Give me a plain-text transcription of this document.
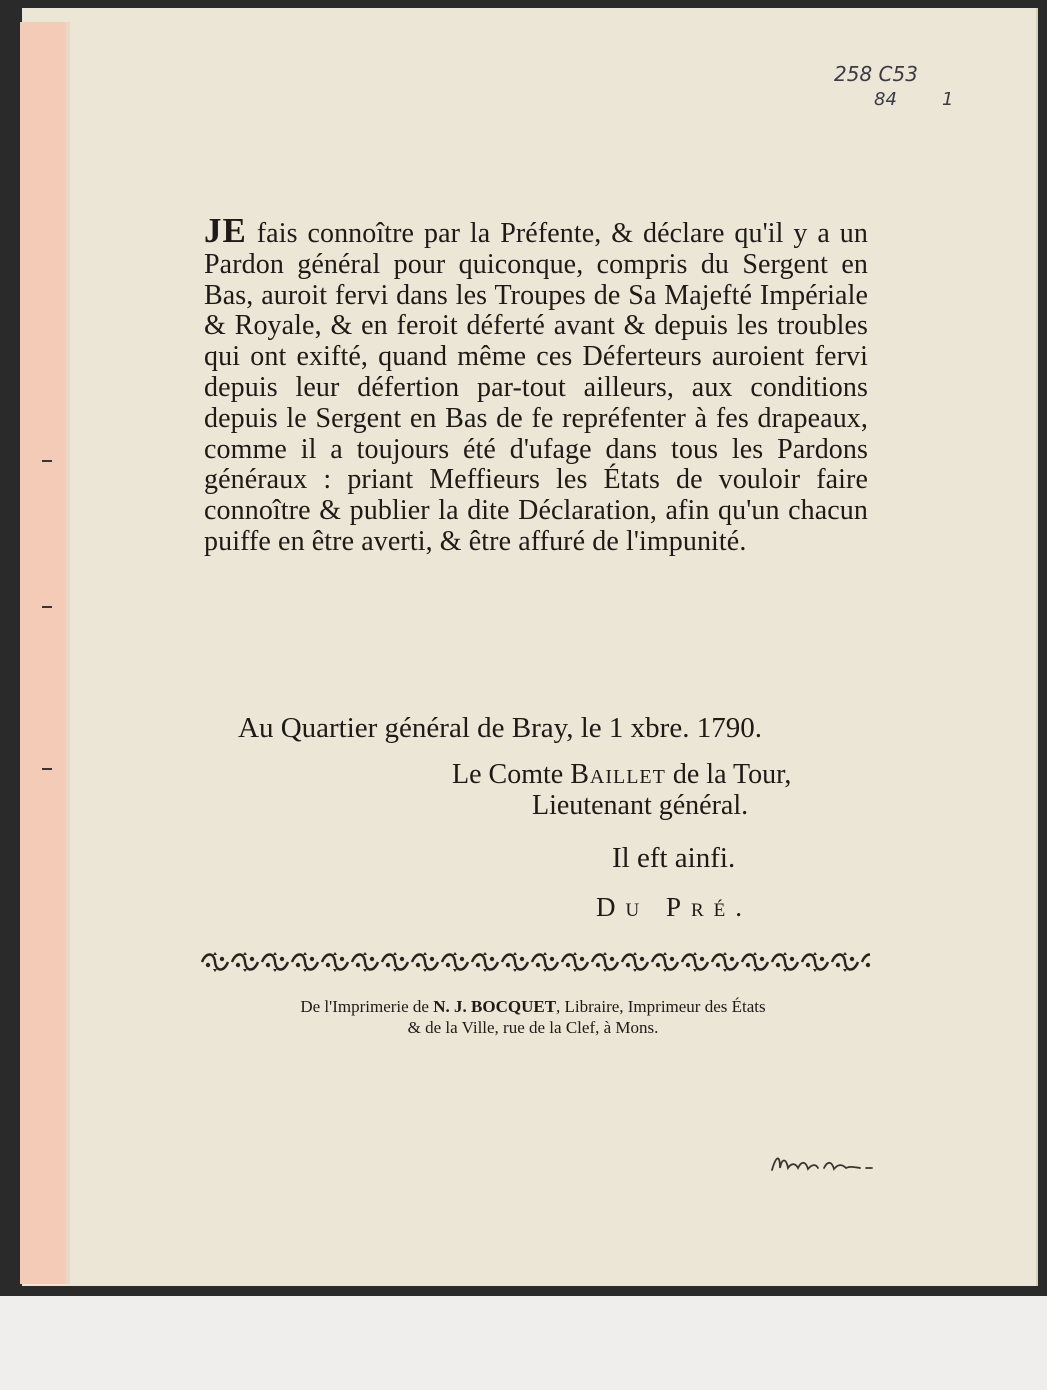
258 C53
84	1
JE fais connoître par la Préfente, & déclare qu'il y a un Pardon général pour quiconque, compris du Sergent en Bas, auroit fervi dans les Troupes de Sa Majefté Impériale & Royale, & en feroit déferté avant & depuis les troubles qui ont exifté, quand même ces Déferteurs auroient fervi depuis leur défertion par-tout ailleurs, aux conditions depuis le Sergent en Bas de fe repréfenter à fes drapeaux, comme il a toujours été d'ufage dans tous les Pardons généraux : priant Meffieurs les États de vouloir faire connoître & publier la dite Déclaration, afin qu'un chacun puiffe en être averti, & être affuré de l'impunité.
Au Quartier général de Bray, le 1 xbre. 1790.
Le Comte Baillet de la Tour,
Lieutenant général.
Il eft ainfi.
Du Pré.
De l'Imprimerie de N. J. BOCQUET, Libraire, Imprimeur des États
& de la Ville, rue de la Clef, à Mons.
